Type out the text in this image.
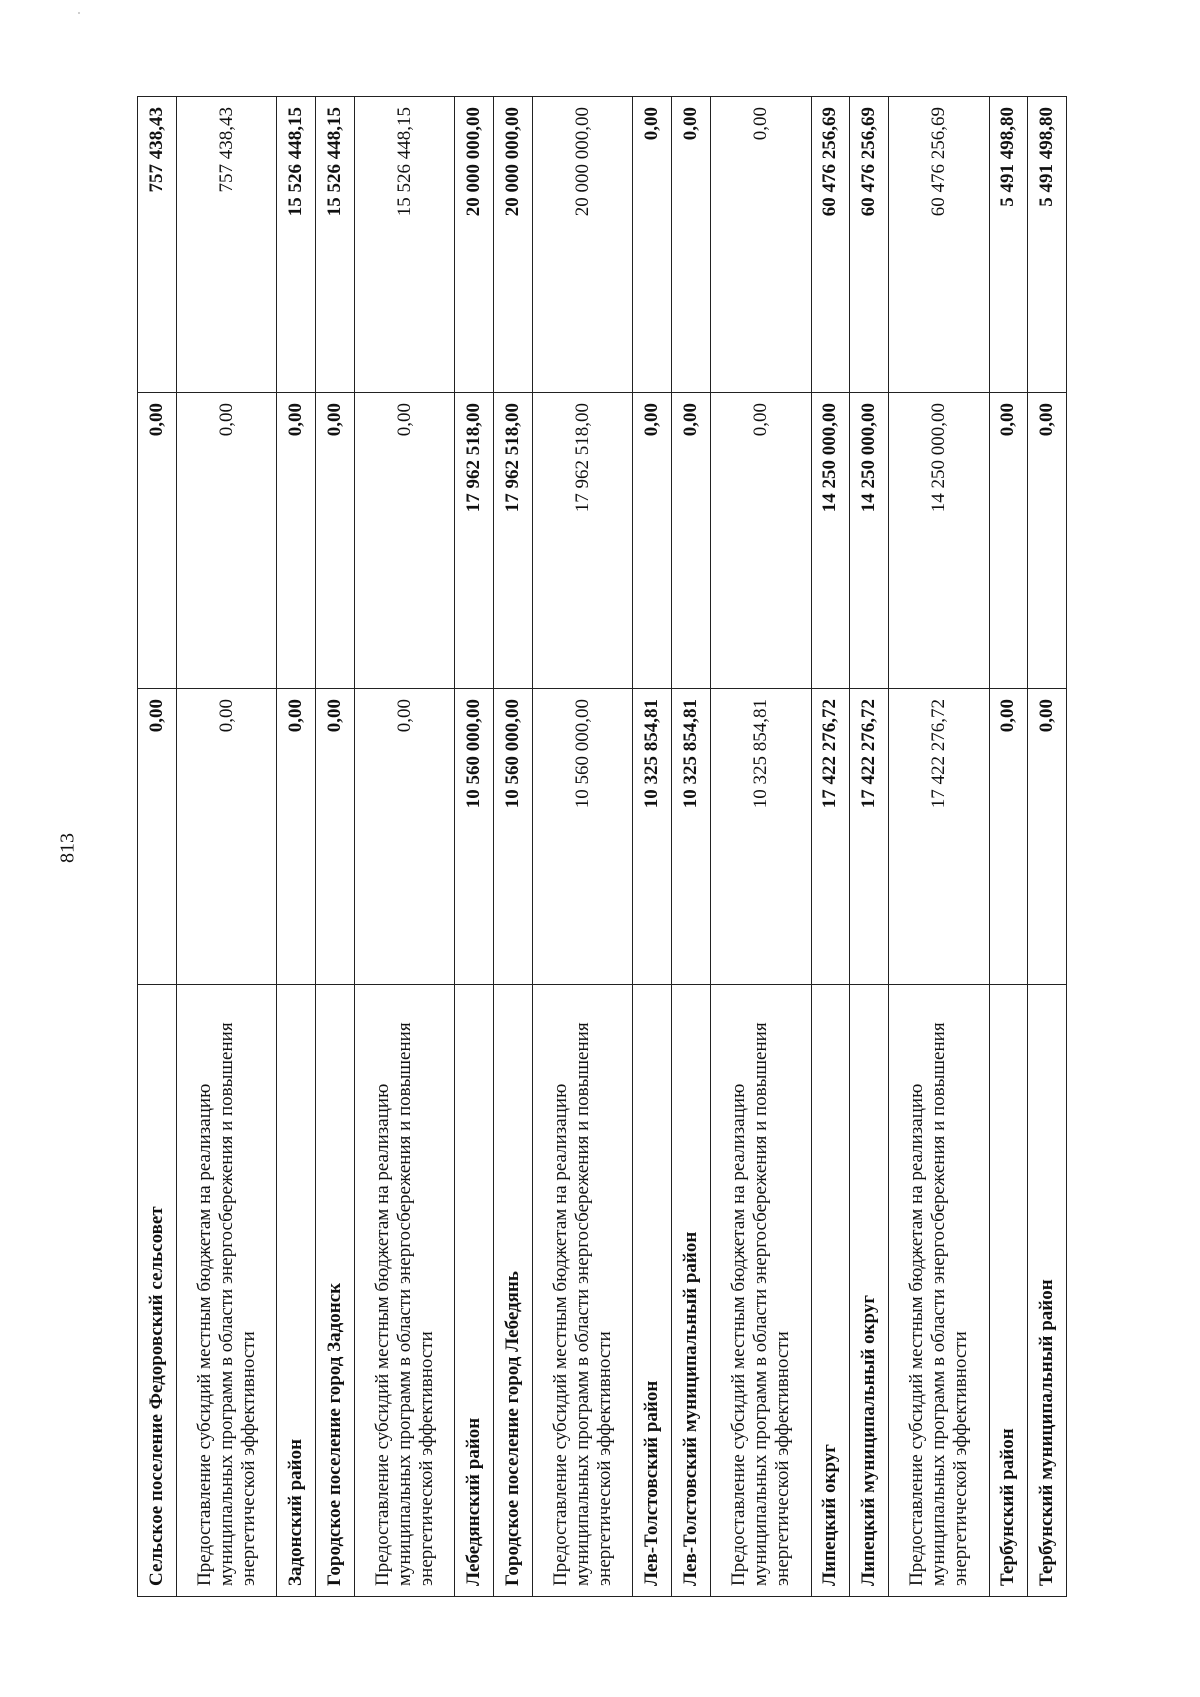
813
Сельское поселение Федоровский сельсовет	0,00	0,00	757 438,43
Предоставление субсидий местным бюджетам на реализацию муниципальных программ в области энергосбережения и повышения энергетической эффективности	0,00	0,00	757 438,43
Задонский район	0,00	0,00	15 526 448,15
Городское поселение город Задонск	0,00	0,00	15 526 448,15
Предоставление субсидий местным бюджетам на реализацию муниципальных программ в области энергосбережения и повышения энергетической эффективности	0,00	0,00	15 526 448,15
Лебедянский район	10 560 000,00	17 962 518,00	20 000 000,00
Городское поселение город Лебедянь	10 560 000,00	17 962 518,00	20 000 000,00
Предоставление субсидий местным бюджетам на реализацию муниципальных программ в области энергосбережения и повышения энергетической эффективности	10 560 000,00	17 962 518,00	20 000 000,00
Лев-Толстовский район	10 325 854,81	0,00	0,00
Лев-Толстовский муниципальный район	10 325 854,81	0,00	0,00
Предоставление субсидий местным бюджетам на реализацию муниципальных программ в области энергосбережения и повышения энергетической эффективности	10 325 854,81	0,00	0,00
Липецкий округ	17 422 276,72	14 250 000,00	60 476 256,69
Липецкий муниципальный округ	17 422 276,72	14 250 000,00	60 476 256,69
Предоставление субсидий местным бюджетам на реализацию муниципальных программ в области энергосбережения и повышения энергетической эффективности	17 422 276,72	14 250 000,00	60 476 256,69
Тербунский район	0,00	0,00	5 491 498,80
Тербунский муниципальный район	0,00	0,00	5 491 498,80
